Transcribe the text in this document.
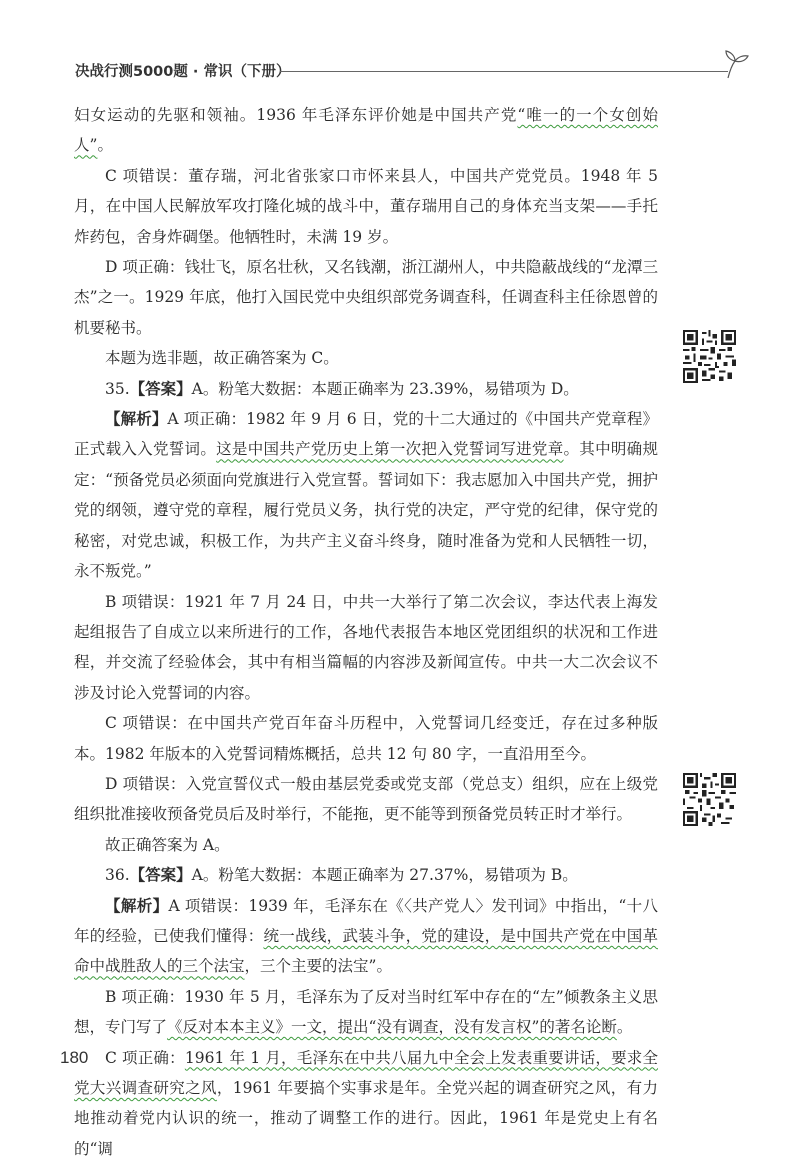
决战行测5000题 · 常识（下册）

妇女运动的先驱和领袖。1936 年毛泽东评价她是中国共产党“唯一的一个女创始人”。

C 项错误：董存瑞，河北省张家口市怀来县人，中国共产党党员。1948 年 5 月，在中国人民解放军攻打隆化城的战斗中，董存瑞用自己的身体充当支架——手托炸药包，舍身炸碉堡。他牺牲时，未满 19 岁。

D 项正确：钱壮飞，原名壮秋，又名钱潮，浙江湖州人，中共隐蔽战线的“龙潭三杰”之一。1929 年底，他打入国民党中央组织部党务调查科，任调查科主任徐恩曾的机要秘书。

本题为选非题，故正确答案为 C。

35.【答案】A。粉笔大数据：本题正确率为 23.39%，易错项为 D。

【解析】A 项正确：1982 年 9 月 6 日，党的十二大通过的《中国共产党章程》正式载入入党誓词。这是中国共产党历史上第一次把入党誓词写进党章。其中明确规定：“预备党员必须面向党旗进行入党宣誓。誓词如下：我志愿加入中国共产党，拥护党的纲领，遵守党的章程，履行党员义务，执行党的决定，严守党的纪律，保守党的秘密，对党忠诚，积极工作，为共产主义奋斗终身，随时准备为党和人民牺牲一切，永不叛党。”

B 项错误：1921 年 7 月 24 日，中共一大举行了第二次会议，李达代表上海发起组报告了自成立以来所进行的工作，各地代表报告本地区党团组织的状况和工作进程，并交流了经验体会，其中有相当篇幅的内容涉及新闻宣传。中共一大二次会议不涉及讨论入党誓词的内容。

C 项错误：在中国共产党百年奋斗历程中，入党誓词几经变迁，存在过多种版本。1982 年版本的入党誓词精炼概括，总共 12 句 80 字，一直沿用至今。

D 项错误：入党宣誓仪式一般由基层党委或党支部（党总支）组织，应在上级党组织批准接收预备党员后及时举行，不能拖，更不能等到预备党员转正时才举行。

故正确答案为 A。

36.【答案】A。粉笔大数据：本题正确率为 27.37%，易错项为 B。

【解析】A 项错误：1939 年，毛泽东在《〈共产党人〉发刊词》中指出，“十八年的经验，已使我们懂得：统一战线，武装斗争，党的建设，是中国共产党在中国革命中战胜敌人的三个法宝，三个主要的法宝”。

B 项正确：1930 年 5 月，毛泽东为了反对当时红军中存在的“左”倾教条主义思想，专门写了《反对本本主义》一文，提出“没有调查，没有发言权”的著名论断。

C 项正确：1961 年 1 月，毛泽东在中共八届九中全会上发表重要讲话，要求全党大兴调查研究之风，1961 年要搞个实事求是年。全党兴起的调查研究之风，有力地推动着党内认识的统一，推动了调整工作的进行。因此，1961 年是党史上有名的“调

180
